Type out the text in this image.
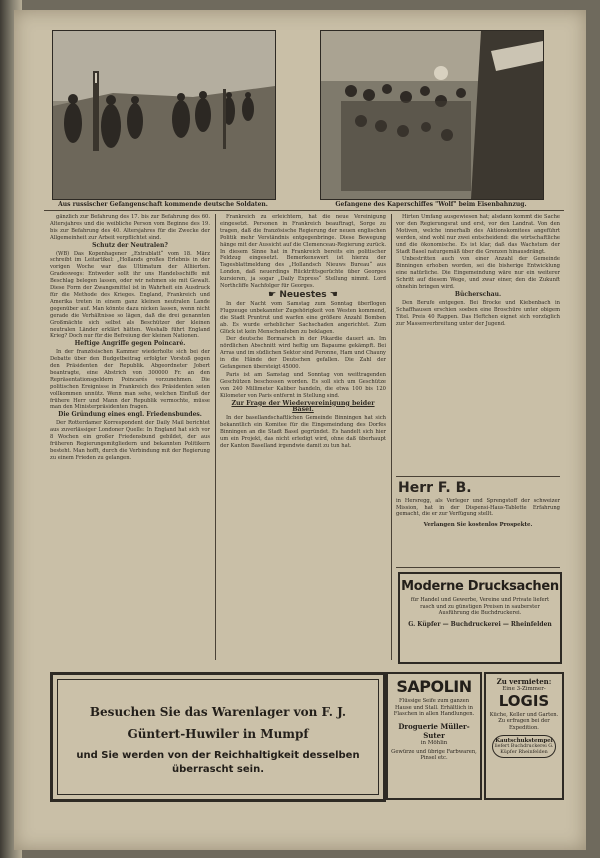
Aus russischer Gefangenschaft kommende deutsche Soldaten.	Gefangene des Kaperschiffes "Wolf" beim Eisenbahnzug.

gänzlich zur Befahrung des 17. bis zur Befahrung des 60. Altersjahres und die weibliche Person vom Beginne des 19. bis zur Befahrung des 40. Altersjahres für die Zwecke der Allgemeinheit zur Arbeit verpflichtet sind.

Schutz der Neutralen?

(WB) Das Kopenhagener „Extrablatt“ vom 18. März schreibt im Leitartikel: „Hollands großes Erlebnis in der vorigen Woche war das Ultimatum der Alliierten. Gradeswegs: Entweder sollt ihr uns Handelsschiffe mit Beschlag belegen lassen, oder wir nehmen sie mit Gewalt. Diese Form der Zwangsmittel ist in Wahrheit ein Ausdruck für die Methode des Krieges. England, Frankreich und Amerika treten in einem ganz kleinen neutralen Lande gegenüber auf. Man könnte dazu nicken lassen, wenn nicht gerade die Verhältnisse so lägen, daß die drei genannten Großmächte sich selbst als Beschützer der kleinen neutralen Länder erklärt hätten. Weshalb führt England Krieg? Doch nur für die Befreiung der kleinen Nationen.

Heftige Angriffe gegen Poincaré.

In der französischen Kammer wiederholte sich bei der Debatte über den Budgetbeitrag erfolgter Vorstoß gegen den Präsidenten der Republik. Abgeordneter Jobert beantragte, eine Abstrich von 300000 Fr. an den Repräsentationsgeldern Poincarés vorzunehmen. Die politischen Ereignisse in Frankreich des Präsidenten seien vollkommen unnütz. Wenn man sehe, welchen Einfluß der frühere Herr und Mann der Republik vermochte, müsse man den Ministerpräsidenten fragen.

Die Gründung eines engl. Friedensbundes.

Der Rotterdamer Korrespondent der Daily Mail berichtet aus zuverlässiger Londoner Quelle: In England hat sich vor 8 Wochen ein großer Friedensbund gebildet, der aus früheren Regierungsmitgliedern und bekannten Politikern besteht. Man hofft, durch die Verbindung mit der Regierung zu einem Frieden zu gelangen.

Frankreich zu erleichtern, hat die neue Vereinigung eingesetzt. Personen in Frankreich beauftragt, Sorge zu tragen, daß die französische Regierung der neuen englischen Politik mehr Verständnis entgegenbringe. Diese Bewegung hänge mit der Aussicht auf die Clemenceau-Regierung zurück. In diesem Sinne hat in Frankreich bereits ein politischer Feldzug eingesetzt. Bemerkenswert ist hierzu der Tagesblattmeldung des „Hollandsch Nieuws Bureau“ aus London, daß neuerdings Rücktrittsgerüchte über Georges kursieren, ja sogar „Daily Express“ Stellung nimmt. Lord Northcliffe Nachfolger für Georges.

☛ Neuestes ☚

In der Nacht vom Samstag zum Sonntag überflogen Flugzeuge unbekannter Zugehörigkeit von Westen kommend, die Stadt Pruntrut und warfen eine größere Anzahl Bomben ab. Es wurde erheblicher Sachschaden angerichtet. Zum Glück ist kein Menschenleben zu beklagen.

Der deutsche Bormarsch in der Pikardie dauert an. Im nördlichen Abschnitt wird heftig um Bapaume gekämpft. Bei Arras und im südlichen Sektor sind Peronne, Ham und Chauny in die Hände der Deutschen gefallen. Die Zahl der Gefangenen übersteigt 45000.

Paris ist am Samstag und Sonntag von weittragenden Geschützen beschossen worden. Es soll sich um Geschütze von 240 Millimeter Kaliber handeln, die etwa 100 bis 120 Kilometer von Paris entfernt in Stellung sind.

Zur Frage der Wiedervereinigung beider Basel.

In der basellandschaftlichen Gemeinde Binningen hat sich bekanntlich ein Komitee für die Eingemeindung des Dorfes Binningen an die Stadt Basel gegründet. Es handelt sich hier um ein Projekt, das nicht erledigt wird, ohne daß überhaupt der Kanton Baselland irgendwie damit zu tun hat.

Hirten Umfang ausgewiesen hat; alsdann kommt die Sache vor den Regierungsrat und erst, vor den Landrat. Von den Motiven, welche innerhalb des Aktionskomitees angeführt werden, sind wohl nur zwei entscheidend: die wirtschaftliche und die ökonomische. Es ist klar, daß das Wachstum der Stadt Basel naturgemäß über die Grenzen hinausdrängt.

Unbestritten auch von einer Anzahl der Gemeinde Binningen erhoben worden, sei die bisherige Entwicklung eine natürliche. Die Eingemeindung wäre nur ein weiterer Schritt auf diesem Wege, und zwar einer, den die Zukunft ohnehin bringen wird.

Bücherschau.

Den Berufe entgegen. Bei Brocke und Kiebenbach in Schaffhausen erschien soeben eine Broschüre unter obigem Titel. Preis 40 Rappen. Das Heftchen eignet sich vorzüglich zur Massenverbreitung unter der Jugend.

Herr F. B.
in Hersregg, als Verleger und Sprengstoff der schweizer Mission, hat in der Dispensi-Haus-Tablette Erfahrung gemacht, die er zur Verfügung stellt.
Verlangen Sie kostenlos Prospekte.
Moderne Drucksachen
für Handel und Gewerbe, Vereine und Private liefert rasch und zu günstigen Preisen in sauberster Ausführung die Buchdruckerei.
G. Küpfer — Buchdruckerei — Rheinfelden
Besuchen Sie das Warenlager von F. J.
Güntert-Huwiler in Mumpf
und Sie werden von der Reichhaltigkeit desselben überrascht sein.
SAPOLIN
Flüssige Seife zum ganzen Hause und Stall. Erhältlich in Flaschen in allen Handlungen.
Droguerie Müller-Suter
in Möhlin
Gewürze und übrige Farbwaren, Pinsel etc.
Zu vermieten:
Eine 3-Zimmer-
LOGIS
Küche, Keller und Garten. Zu erfragen bei der Expedition.
Kautschukstempel
liefert Buchdruckerei G. Küpfer Rheinfelden
